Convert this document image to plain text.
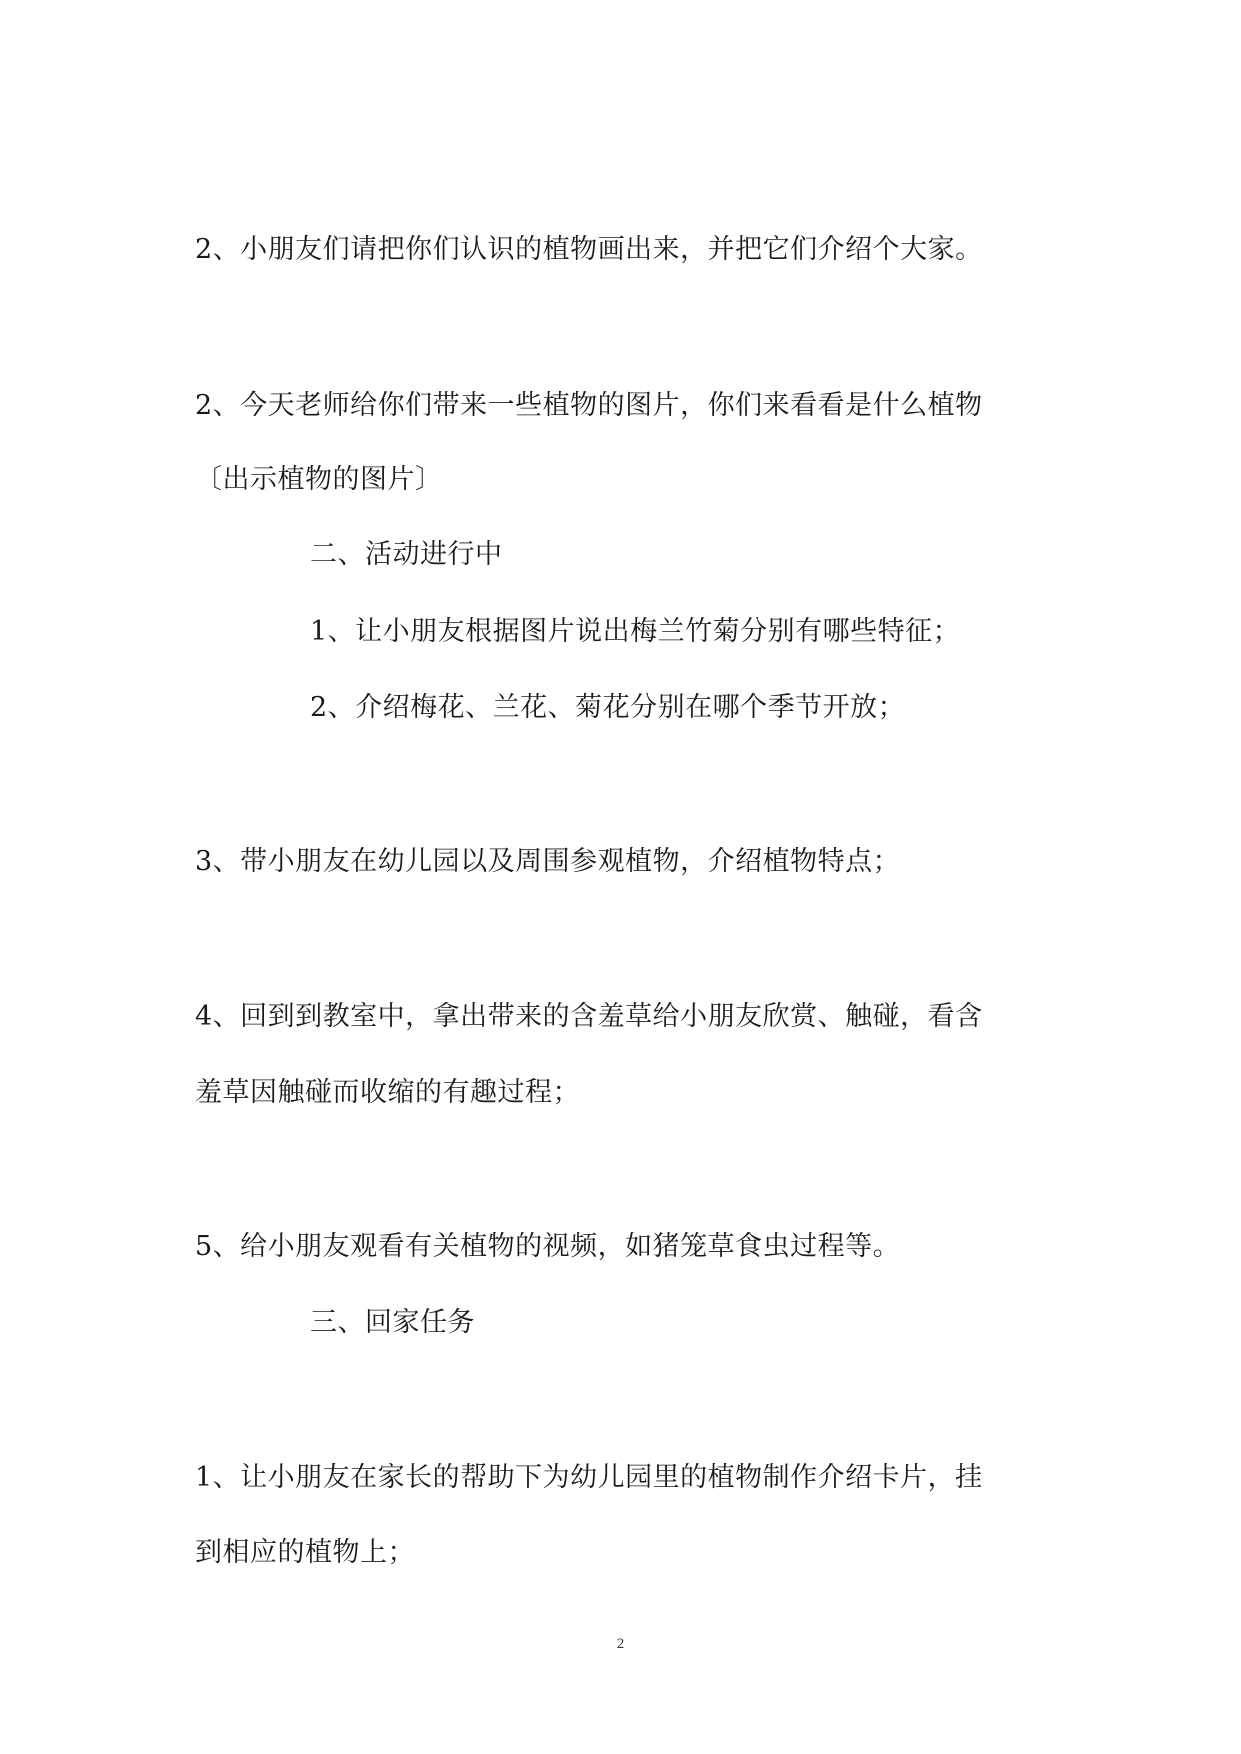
2、小朋友们请把你们认识的植物画出来，并把它们介绍个大家。
2、今天老师给你们带来一些植物的图片，你们来看看是什么植物
〔出示植物的图片〕
二、活动进行中
1、让小朋友根据图片说出梅兰竹菊分别有哪些特征；
2、介绍梅花、兰花、菊花分别在哪个季节开放；
3、带小朋友在幼儿园以及周围参观植物，介绍植物特点；
4、回到到教室中，拿出带来的含羞草给小朋友欣赏、触碰，看含
羞草因触碰而收缩的有趣过程；
5、给小朋友观看有关植物的视频，如猪笼草食虫过程等。
三、回家任务
1、让小朋友在家长的帮助下为幼儿园里的植物制作介绍卡片，挂
到相应的植物上；
2
